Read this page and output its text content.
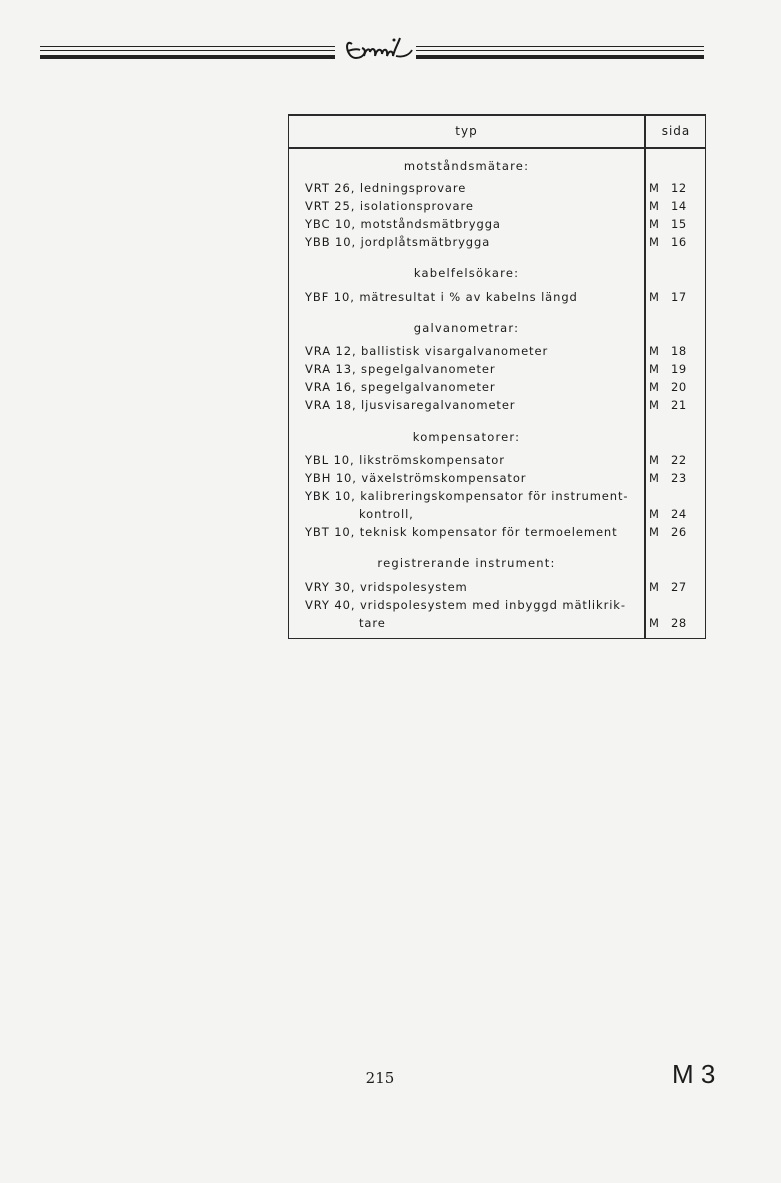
typ	sida
motståndsmätare:
VRT 26, ledningsprovare	M 12
VRT 25, isolationsprovare	M 14
YBC 10, motståndsmätbrygga	M 15
YBB 10, jordplåtsmätbrygga	M 16
kabelfelsökare:
YBF 10, mätresultat i % av kabelns längd	M 17
galvanometrar:
VRA 12, ballistisk visargalvanometer	M 18
VRA 13, spegelgalvanometer	M 19
VRA 16, spegelgalvanometer	M 20
VRA 18, ljusvisaregalvanometer	M 21
kompensatorer:
YBL 10, likströmskompensator	M 22
YBH 10, växelströmskompensator	M 23
YBK 10, kalibreringskompensator för instrument-
kontroll,	M 24
YBT 10, teknisk kompensator för termoelement	M 26
registrerande instrument:
VRY 30, vridspolesystem	M 27
VRY 40, vridspolesystem med inbyggd mätlikrik-
tare	M 28
215	M 3
